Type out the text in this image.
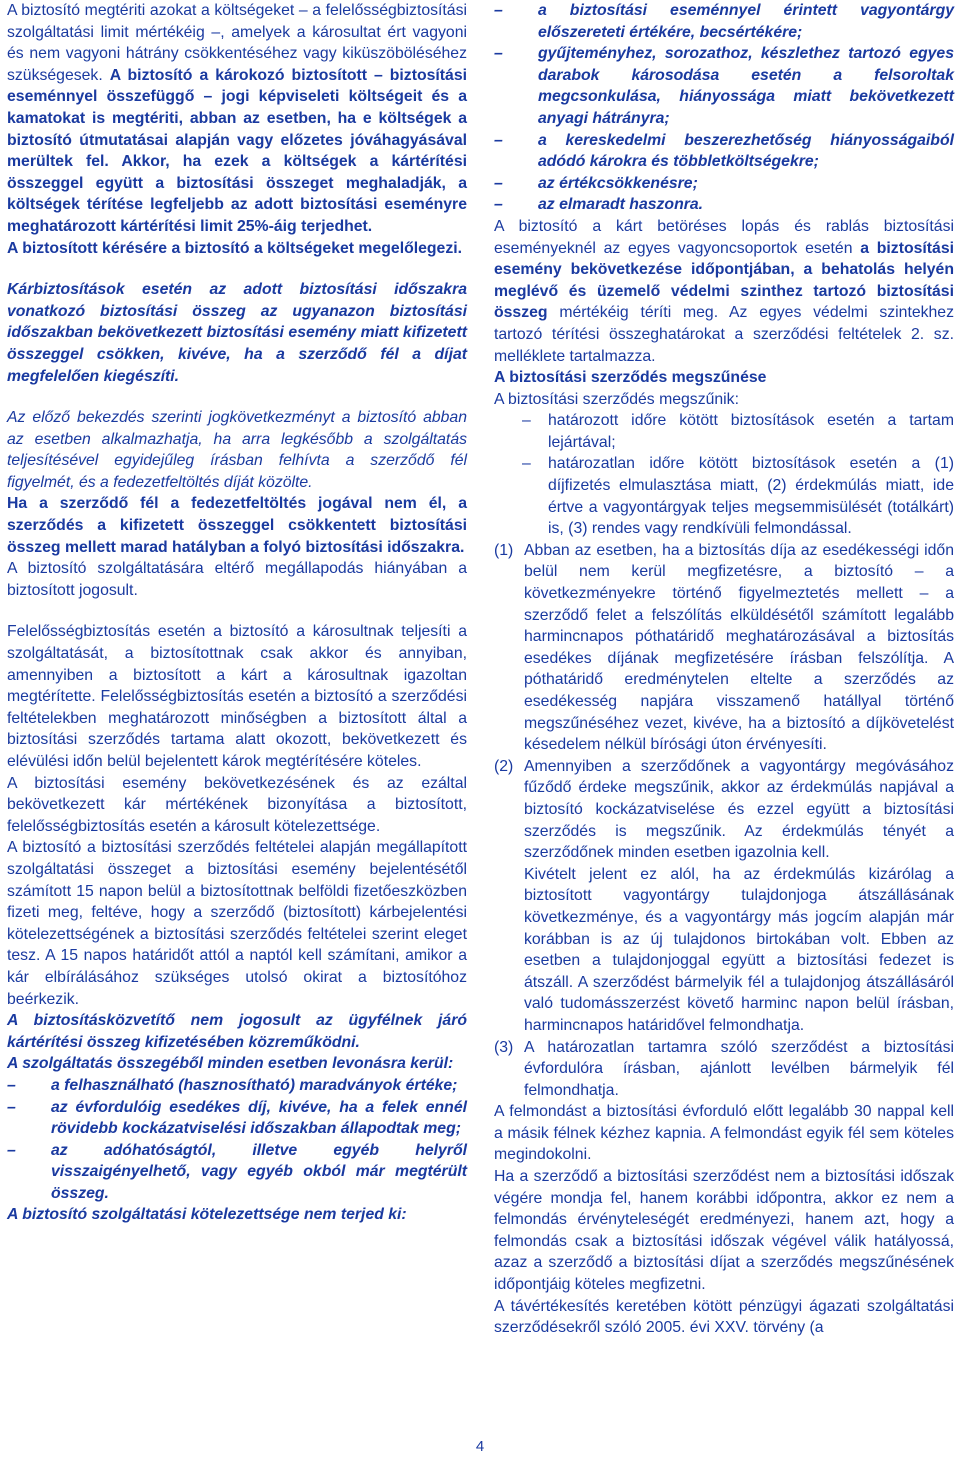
A biztosító megtériti azokat a költségeket – a felelősségbiztosítási szolgáltatási limit mértékéig –, amelyek a károsultat ért vagyoni és nem vagyoni hátrány csökkentéséhez vagy kiküszöböléséhez szükségesek. A biztosító a károkozó biztosított – biztosítási eseménnyel összefüggő – jogi képviseleti költségeit és a kamatokat is megtériti, abban az esetben, ha e költségek a biztosító útmutatásai alapján vagy előzetes jóváhagyásával merültek fel. Akkor, ha ezek a költségek a kártérítési összeggel együtt a biztosítási összeget meghaladják, a költségek térítése legfeljebb az adott biztosítási eseményre meghatározott kártérítési limit 25%-áig terjedhet.

A biztosított kérésére a biztosító a költségeket megelőlegezi.

Kárbiztosítások esetén az adott biztosítási időszakra vonatkozó biztosítási összeg az ugyanazon biztosítási időszakban bekövetkezett biztosítási esemény miatt kifizetett összeggel csökken, kivéve, ha a szerződő fél a díjat megfelelően kiegészíti.

Az előző bekezdés szerinti jogkövetkezményt a biztosító abban az esetben alkalmazhatja, ha arra legkésőbb a szolgáltatás teljesítésével egyidejűleg írásban felhívta a szerződő fél figyelmét, és a fedezetfeltöltés díját közölte.

Ha a szerződő fél a fedezetfeltöltés jogával nem él, a szerződés a kifizetett összeggel csökkentett biztosítási összeg mellett marad hatályban a folyó biztosítási időszakra.

A biztosító szolgáltatására eltérő megállapodás hiányában a biztosított jogosult.

Felelősségbiztosítás esetén a biztosító a károsultnak teljesíti a szolgáltatását, a biztosítottnak csak akkor és annyiban, amennyiben a biztosított a kárt a károsultnak igazoltan megtérítette. Felelősségbiztosítás esetén a biztosító a szerződési feltételekben meghatározott minőségben a biztosított által a biztosítási szerződés tartama alatt okozott, bekövetkezett és elévülési időn belül bejelentett károk megtérítésére köteles.

A biztosítási esemény bekövetkezésének és az ezáltal bekövetkezett kár mértékének bizonyítása a biztosított, felelősségbiztosítás esetén a károsult kötelezettsége.

A biztosító a biztosítási szerződés feltételei alapján megállapított szolgáltatási összeget a biztosítási esemény bejelentésétől számított 15 napon belül a biztosítottnak belföldi fizetőeszközben fizeti meg, feltéve, hogy a szerződő (biztosított) kárbejelentési kötelezettségének a biztosítási szerződés feltételei szerint eleget tesz. A 15 napos határidőt attól a naptól kell számítani, amikor a kár elbírálásához szükséges utolsó okirat a biztosítóhoz beérkezik.

A biztosításközvetítő nem jogosult az ügyfélnek járó kártérítési összeg kifizetésében közreműködni.

A szolgáltatás összegéből minden esetben levonásra kerül:

–	a felhasználható (hasznosítható) maradványok értéke;

–	az évfordulóig esedékes díj, kivéve, ha a felek ennél rövidebb kockázatviselési időszakban állapodtak meg;

–	az adóhatóságtól, illetve egyéb helyről visszaigényelhető, vagy egyéb okból már megtérült összeg.

A biztosító szolgáltatási kötelezettsége nem terjed ki:

–	a biztosítási eseménnyel érintett vagyontárgy előszereteti értékére, becsértékére;

–	gyűjteményhez, sorozathoz, készlethez tartozó egyes darabok károsodása esetén a felsoroltak megcsonkulása, hiányossága miatt bekövetkezett anyagi hátrányra;

–	a kereskedelmi beszerezhetőség hiányosságaiból adódó károkra és többletköltségekre;

–	az értékcsökkenésre;

–	az elmaradt haszonra.

A biztosító a kárt betöréses lopás és rablás biztosítási eseményeknél az egyes vagyoncsoportok esetén a biztosítási esemény bekövetkezése időpontjában, a behatolás helyén meglévő és üzemelő védelmi szinthez tartozó biztosítási összeg mértékéig téríti meg. Az egyes védelmi szintekhez tartozó térítési összeghatárokat a szerződési feltételek 2. sz. melléklete tartalmazza.

A biztosítási szerződés megszűnése

A biztosítási szerződés megszűnik:

–	határozott időre kötött biztosítások esetén a tartam lejártával;

–	határozatlan időre kötött biztosítások esetén a (1) díjfizetés elmulasztása miatt, (2) érdekmúlás miatt, ide értve a vagyontárgyak teljes megsemmisülését (totálkárt) is, (3) rendes vagy rendkívüli felmondással.

(1) Abban az esetben, ha a biztosítás díja az esedékességi időn belül nem kerül megfizetésre, a biztosító – a következményekre történő figyelmeztetés mellett – a szerződő felet a felszólítás elküldésétől számított legalább harmincnapos póthatáridő meghatározásával a biztosítás esedékes díjának megfizetésére írásban felszólítja. A póthatáridő eredménytelen eltelte a szerződés az esedékesség napjára visszamenő hatállyal történő megszűnéséhez vezet, kivéve, ha a biztosító a díjkövetelést késedelem nélkül bírósági úton érvényesíti.

(2) Amennyiben a szerződőnek a vagyontárgy megóvásához fűződő érdeke megszűnik, akkor az érdekmúlás napjával a biztosító kockázatviselése és ezzel együtt a biztosítási szerződés is megszűnik. Az érdekmúlás tényét a szerződőnek minden esetben igazolnia kell.

Kivételt jelent ez alól, ha az érdekmúlás kizárólag a biztosított vagyontárgy tulajdonjoga átszállásának következménye, és a vagyontárgy más jogcím alapján már korábban is az új tulajdonos birtokában volt. Ebben az esetben a tulajdonjoggal együtt a biztosítási fedezet is átszáll. A szerződést bármelyik fél a tulajdonjog átszállásáról való tudomásszerzést követő harminc napon belül írásban, harmincnapos határidővel felmondhatja.

(3) A határozatlan tartamra szóló szerződést a biztosítási évfordulóra írásban, ajánlott levélben bármelyik fél felmondhatja.

A felmondást a biztosítási évforduló előtt legalább 30 nappal kell a másik félnek kézhez kapnia. A felmondást egyik fél sem köteles megindokolni.

Ha a szerződő a biztosítási szerződést nem a biztosítási időszak végére mondja fel, hanem korábbi időpontra, akkor ez nem a felmondás érvényteleségét eredményezi, hanem azt, hogy a felmondás csak a biztosítási időszak végével válik hatályossá, azaz a szerződő a biztosítási díjat a szerződés megszűnésének időpontjáig köteles megfizetni.

A távértékesítés keretében kötött pénzügyi ágazati szolgáltatási szerződésekről szóló 2005. évi XXV. törvény (a

4
